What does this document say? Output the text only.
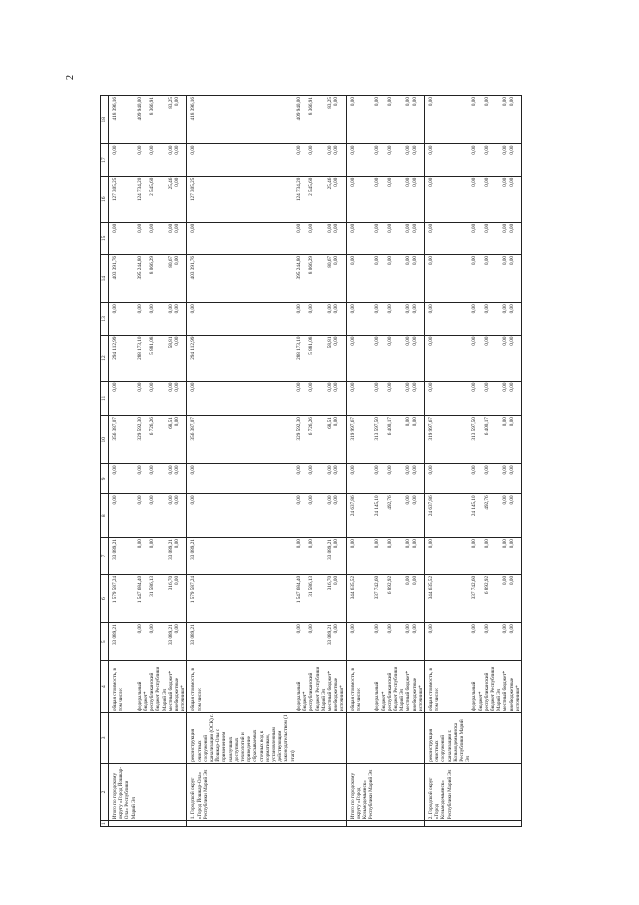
2
1	2	3	4	5	6	7	8	9	10	11	12	13	14	15	16	17	18
	Итого по городскому округу «Город Йошкар-Ола» Республики Марий Эл		общая стоимость, в том числе:	33 089,21	1 579 587,24	33 089,21	0,00	0,00	356 387,07	0,00	294 112,99	0,00	403 391,76	0,00	127 305,25	0,00	418 396,16
			федеральный бюджет*	0,00	1 547 684,40	0,00	0,00	0,00	329 592,30	0,00	288 173,10	0,00	395 244,80	0,00	124 734,20	0,00	409 940,00
			республиканский бюджет Республики Марий Эл	0,00	31 586,13	0,00	0,00	0,00	6 726,26	0,00	5 881,08	0,00	8 066,29	0,00	2 545,60	0,00	8 366,91
			местный бюджет*	33 089,21	316,70	33 089,21	0,00	0,00	68,51	0,00	58,81	0,00	80,67	0,00	25,46	0,00	83,25
			внебюджетные источники*	0,00	0,00	0,00	0,00	0,00	0,00	0,00	0,00	0,00	0,00	0,00	0,00	0,00	0,00
	1. Городской округ «Город Йошкар-Ола» Республики Марий Эл	реконструкция очистных сооружений канализации (ОСК) г. Йошкар-Олы с применением наилучших доступных технологий и приведение сбрасываемых сточных вод к нормативам, установленным действующим законодательством (1 этап)	общая стоимость, в том числе:	33 089,21	1 579 587,24	33 089,21	0,00	0,00	356 387,07	0,00	294 112,99	0,00	403 391,76	0,00	127 305,25	0,00	418 396,16
			федеральный бюджет*	0,00	1 547 684,40	0,00	0,00	0,00	329 592,30	0,00	288 173,10	0,00	395 244,80	0,00	124 734,20	0,00	409 940,00
			республиканский бюджет Республики Марий Эл	0,00	31 586,13	0,00	0,00	0,00	6 726,26	0,00	5 881,08	0,00	8 066,29	0,00	2 545,60	0,00	8 366,91
			местный бюджет*	33 089,21	316,70	33 089,21	0,00	0,00	68,51	0,00	58,81	0,00	80,67	0,00	25,46	0,00	83,25
			внебюджетные источники*	0,00	0,00	0,00	0,00	0,00	0,00	0,00	0,00	0,00	0,00	0,00	0,00	0,00	0,00
	Итого по городскому округу «Город Козьмодемьянск» Республики Марий Эл		общая стоимость, в том числе:	0,00	344 635,52	0,00	24 637,86	0,00	319 997,67	0,00	0,00	0,00	0,00	0,00	0,00	0,00	0,00
			федеральный бюджет*	0,00	337 742,60	0,00	24 145,10	0,00	313 597,50	0,00	0,00	0,00	0,00	0,00	0,00	0,00	0,00
			республиканский бюджет Республики Марий Эл	0,00	6 892,92	0,00	492,76	0,00	6 400,17	0,00	0,00	0,00	0,00	0,00	0,00	0,00	0,00
			местный бюджет*	0,00	0,00	0,00	0,00	0,00	0,00	0,00	0,00	0,00	0,00	0,00	0,00	0,00	0,00
			внебюджетные источники*	0,00	0,00	0,00	0,00	0,00	0,00	0,00	0,00	0,00	0,00	0,00	0,00	0,00	0,00
	2. Городской округ «Город Козьмодемьянск» Республики Марий Эл	реконструкция очистных сооружений канализации г. Козьмодемьянска Республики Марий Эл	общая стоимость, в том числе:	0,00	344 635,52	0,00	24 637,86	0,00	319 997,67	0,00	0,00	0,00	0,00	0,00	0,00	0,00	0,00
			федеральный бюджет*	0,00	337 742,60	0,00	24 145,10	0,00	313 597,50	0,00	0,00	0,00	0,00	0,00	0,00	0,00	0,00
			республиканский бюджет Республики Марий Эл	0,00	6 892,92	0,00	492,76	0,00	6 400,17	0,00	0,00	0,00	0,00	0,00	0,00	0,00	0,00
			местный бюджет*	0,00	0,00	0,00	0,00	0,00	0,00	0,00	0,00	0,00	0,00	0,00	0,00	0,00	0,00
			внебюджетные источники*	0,00	0,00	0,00	0,00	0,00	0,00	0,00	0,00	0,00	0,00	0,00	0,00	0,00	0,00
